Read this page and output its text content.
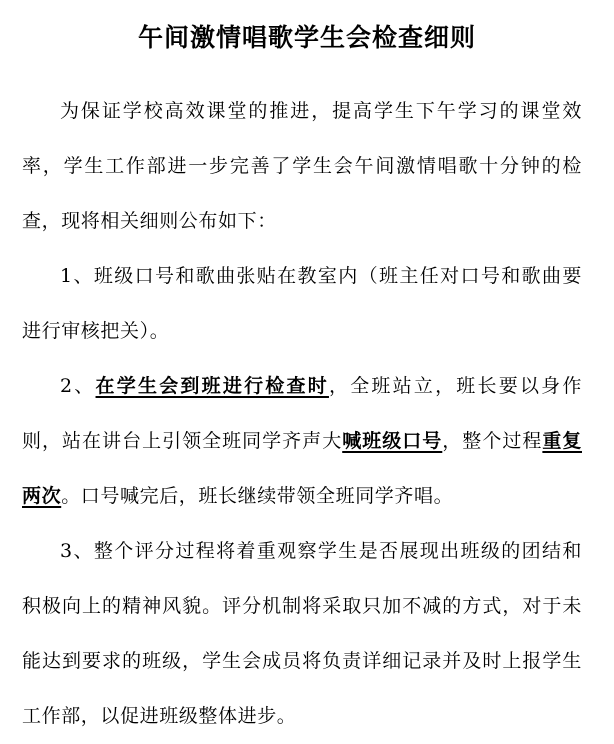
午间激情唱歌学生会检查细则

为保证学校高效课堂的推进，提高学生下午学习的课堂效率，学生工作部进一步完善了学生会午间激情唱歌十分钟的检查，现将相关细则公布如下：

1、班级口号和歌曲张贴在教室内（班主任对口号和歌曲要进行审核把关）。

2、在学生会到班进行检查时，全班站立，班长要以身作则，站在讲台上引领全班同学齐声大喊班级口号，整个过程重复两次。口号喊完后，班长继续带领全班同学齐唱。

3、整个评分过程将着重观察学生是否展现出班级的团结和积极向上的精神风貌。评分机制将采取只加不减的方式，对于未能达到要求的班级，学生会成员将负责详细记录并及时上报学生工作部，以促进班级整体进步。
